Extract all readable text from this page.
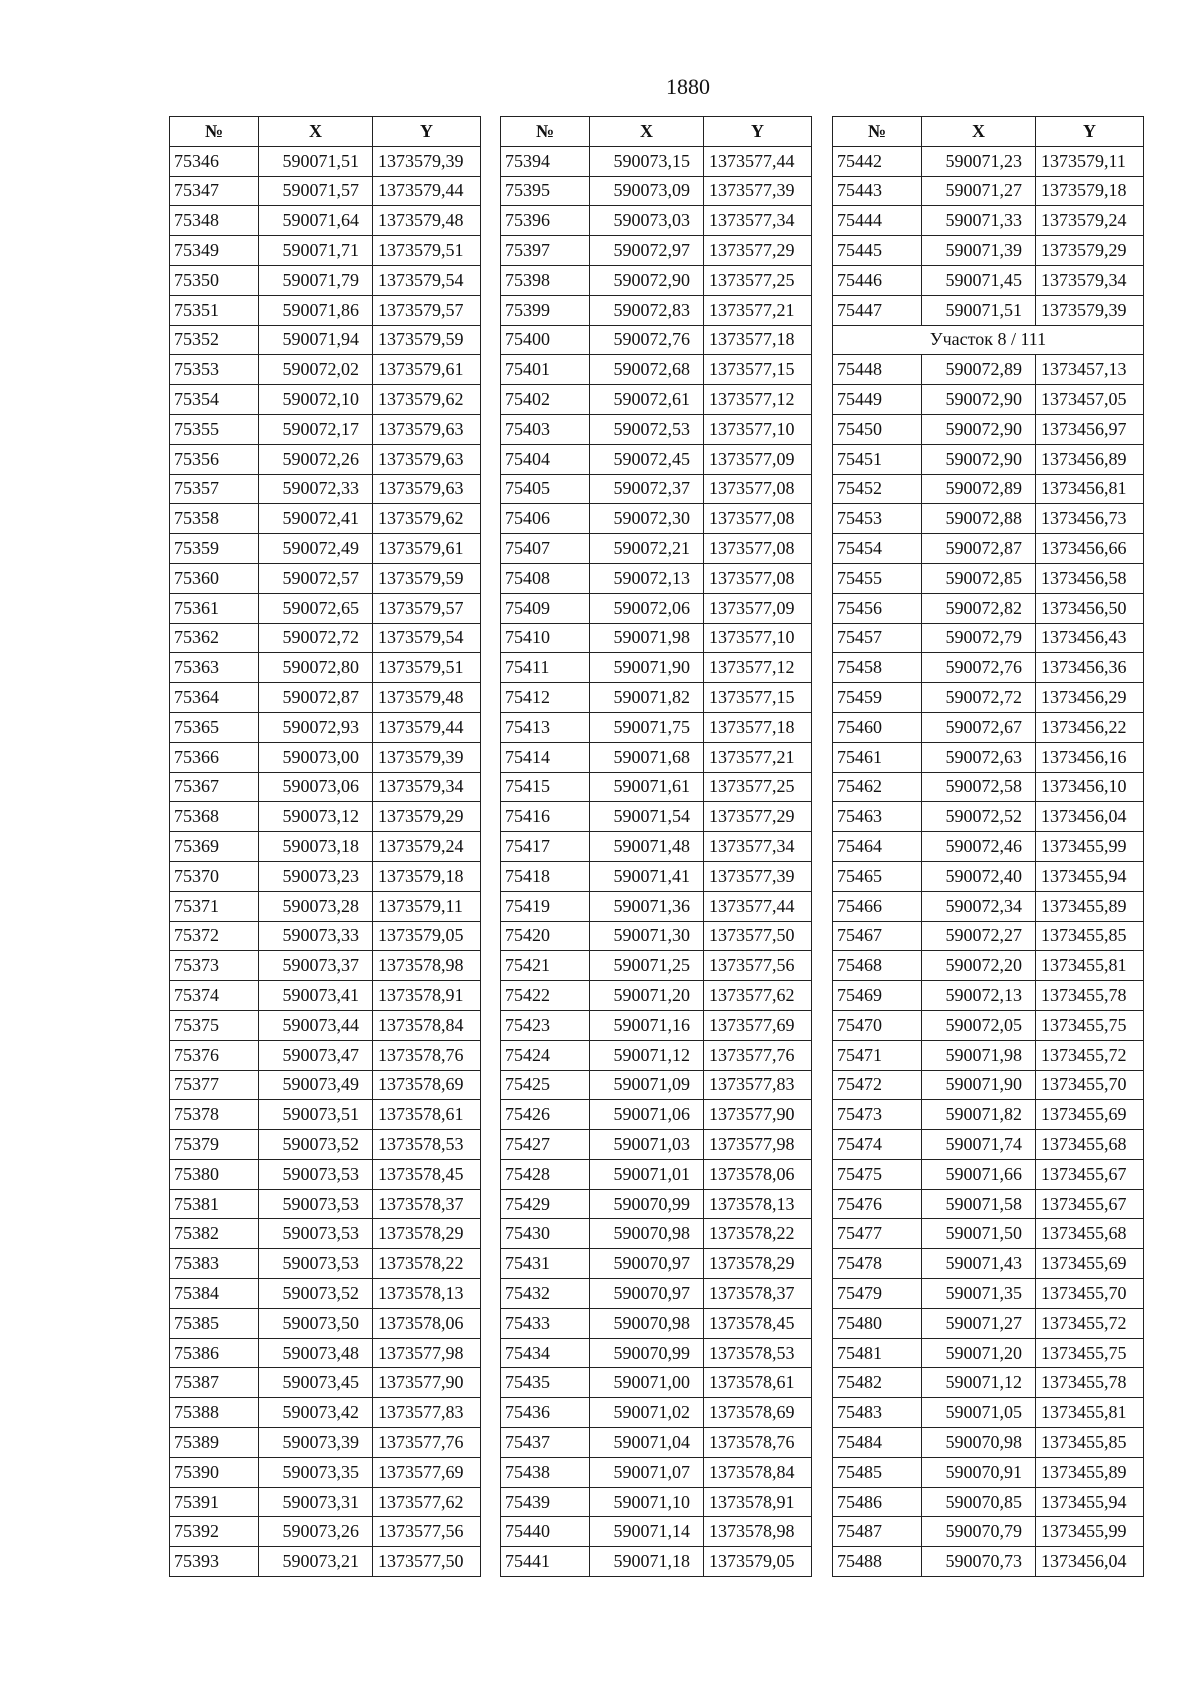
1880
№	X	Y
75346	590071,51	1373579,39
75347	590071,57	1373579,44
75348	590071,64	1373579,48
75349	590071,71	1373579,51
75350	590071,79	1373579,54
75351	590071,86	1373579,57
75352	590071,94	1373579,59
75353	590072,02	1373579,61
75354	590072,10	1373579,62
75355	590072,17	1373579,63
75356	590072,26	1373579,63
75357	590072,33	1373579,63
75358	590072,41	1373579,62
75359	590072,49	1373579,61
75360	590072,57	1373579,59
75361	590072,65	1373579,57
75362	590072,72	1373579,54
75363	590072,80	1373579,51
75364	590072,87	1373579,48
75365	590072,93	1373579,44
75366	590073,00	1373579,39
75367	590073,06	1373579,34
75368	590073,12	1373579,29
75369	590073,18	1373579,24
75370	590073,23	1373579,18
75371	590073,28	1373579,11
75372	590073,33	1373579,05
75373	590073,37	1373578,98
75374	590073,41	1373578,91
75375	590073,44	1373578,84
75376	590073,47	1373578,76
75377	590073,49	1373578,69
75378	590073,51	1373578,61
75379	590073,52	1373578,53
75380	590073,53	1373578,45
75381	590073,53	1373578,37
75382	590073,53	1373578,29
75383	590073,53	1373578,22
75384	590073,52	1373578,13
75385	590073,50	1373578,06
75386	590073,48	1373577,98
75387	590073,45	1373577,90
75388	590073,42	1373577,83
75389	590073,39	1373577,76
75390	590073,35	1373577,69
75391	590073,31	1373577,62
75392	590073,26	1373577,56
75393	590073,21	1373577,50
№	X	Y
75394	590073,15	1373577,44
75395	590073,09	1373577,39
75396	590073,03	1373577,34
75397	590072,97	1373577,29
75398	590072,90	1373577,25
75399	590072,83	1373577,21
75400	590072,76	1373577,18
75401	590072,68	1373577,15
75402	590072,61	1373577,12
75403	590072,53	1373577,10
75404	590072,45	1373577,09
75405	590072,37	1373577,08
75406	590072,30	1373577,08
75407	590072,21	1373577,08
75408	590072,13	1373577,08
75409	590072,06	1373577,09
75410	590071,98	1373577,10
75411	590071,90	1373577,12
75412	590071,82	1373577,15
75413	590071,75	1373577,18
75414	590071,68	1373577,21
75415	590071,61	1373577,25
75416	590071,54	1373577,29
75417	590071,48	1373577,34
75418	590071,41	1373577,39
75419	590071,36	1373577,44
75420	590071,30	1373577,50
75421	590071,25	1373577,56
75422	590071,20	1373577,62
75423	590071,16	1373577,69
75424	590071,12	1373577,76
75425	590071,09	1373577,83
75426	590071,06	1373577,90
75427	590071,03	1373577,98
75428	590071,01	1373578,06
75429	590070,99	1373578,13
75430	590070,98	1373578,22
75431	590070,97	1373578,29
75432	590070,97	1373578,37
75433	590070,98	1373578,45
75434	590070,99	1373578,53
75435	590071,00	1373578,61
75436	590071,02	1373578,69
75437	590071,04	1373578,76
75438	590071,07	1373578,84
75439	590071,10	1373578,91
75440	590071,14	1373578,98
75441	590071,18	1373579,05
№	X	Y
75442	590071,23	1373579,11
75443	590071,27	1373579,18
75444	590071,33	1373579,24
75445	590071,39	1373579,29
75446	590071,45	1373579,34
75447	590071,51	1373579,39
Участок 8 / 111		
75448	590072,89	1373457,13
75449	590072,90	1373457,05
75450	590072,90	1373456,97
75451	590072,90	1373456,89
75452	590072,89	1373456,81
75453	590072,88	1373456,73
75454	590072,87	1373456,66
75455	590072,85	1373456,58
75456	590072,82	1373456,50
75457	590072,79	1373456,43
75458	590072,76	1373456,36
75459	590072,72	1373456,29
75460	590072,67	1373456,22
75461	590072,63	1373456,16
75462	590072,58	1373456,10
75463	590072,52	1373456,04
75464	590072,46	1373455,99
75465	590072,40	1373455,94
75466	590072,34	1373455,89
75467	590072,27	1373455,85
75468	590072,20	1373455,81
75469	590072,13	1373455,78
75470	590072,05	1373455,75
75471	590071,98	1373455,72
75472	590071,90	1373455,70
75473	590071,82	1373455,69
75474	590071,74	1373455,68
75475	590071,66	1373455,67
75476	590071,58	1373455,67
75477	590071,50	1373455,68
75478	590071,43	1373455,69
75479	590071,35	1373455,70
75480	590071,27	1373455,72
75481	590071,20	1373455,75
75482	590071,12	1373455,78
75483	590071,05	1373455,81
75484	590070,98	1373455,85
75485	590070,91	1373455,89
75486	590070,85	1373455,94
75487	590070,79	1373455,99
75488	590070,73	1373456,04
